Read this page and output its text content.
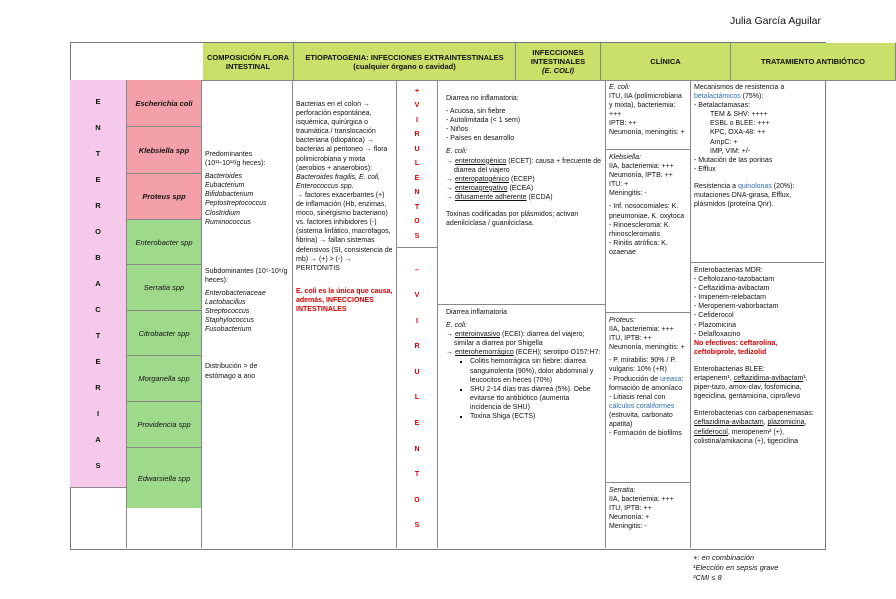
Julia García Aguilar
COMPOSICIÓN FLORA INTESTINAL
ETIOPATOGENIA: INFECCIONES EXTRAINTESTINALES
(cualquier órgano o cavidad)
INFECCIONES INTESTINALES
(E. COLI)
CLÍNICA	TRATAMIENTO ANTIBIÓTICO
E
N
T
E
R
O
B
A
C
T
E
R
I
A
S
Escherichia coli
Klebsiella spp
Proteus spp
Enterobacter spp
Serratia spp
Citrobacter spp
Morganella spp
Providencia spp
Edwarsiella spp
Predominantes (10¹¹-10¹²/g heces):
Bacteroides
Eubacterium
Bifidobacterium
Peptostreptococcus
Clostridium
Ruminococcus
Subdominantes (10⁵-10⁸/g heces):
Enterobacteriaceae
Lactobacillus
Streptococcus
Staphylococcus
Fusobacterium
Distribución > de estómago a ano
Bacterias en el colon → perforación espontánea, isquémica, quirúrgica o traumática / translocación bacteriana (idiopática) → bacterias al peritoneo → flora polimicrobiana y mixta (aerobios + anaerobios):
Bacteroides fragilis, E. coli, Enterococcus spp.
→ factores exacerbantes (+) de inflamación (Hb, enzimas, moco, sinergismo bacteriano) vs. factores inhibidores (-) (sistema linfático, macrófagos, fibrina) → fallan sistemas defensivos (SI, consistencia de mb) → (+) > (-) → PERITONITIS
E. coli es la única que causa, además, INFECCIONES INTESTINALES
+
V
I
R
U
L
E
N
T
O
S
–
V
I
R
U
L
E
N
T
O
S
Diarrea no inflamatoria:
- Acuosa, sin fiebre
- Autolimitada (< 1 sem)
- Niños
- Países en desarrollo
E. coli:
→ enterotoxigénico (ECET): causa + frecuente de diarrea del viajero
→ enteropatogénico (ECEP)
→ enteroagregativo (ECEA)
→ difusamente adherente (ECDA)
Toxinas codificadas por plásmidos; activan adenilciclasa / guanilciclasa.
Diarrea inflamatoria
E. coli:
→ enteroinvasivo (ECEI): diarrea del viajero; similar a diarrea por Shigella
→ enterohemorrágico (ECEH); serotipo O157:H7:
▪ Colitis hemorrágica sin fiebre: diarrea sanguinolenta (90%), dolor abdominal y leucocitos en heces (70%)
▪ SHU 2-14 días tras diarrea (5%). Debe evitarse tto antibiótico (aumenta incidencia de SHU)
▪ Toxina Shiga (ECTS)
E. coli:
ITU, IIA (polimicrobiana y mixta), bacteriemia: +++
IPTB: ++
Neumonía, meningitis: +
Klebsiella:
IIA, bacteriemia: +++
Neumonía, IPTB: ++
ITU: +
Meningitis: -
- Inf. nosocomiales: K. pneumoniae, K. oxytoca
- Rinoescleroma: K. rhinoscleromatis
- Rinitis atrófica: K. ozaenae
Proteus:
IIA, bacteriemia: +++
ITU, IPTB: ++
Neumonía, meningitis: +
- P. mirabilis: 90% / P. vulgaris: 10% (+R)
- Producción de ureasa: formación de amoníaco
- Litiasis renal con cálculos coraliformes (estruvita, carbonato apatita)
- Formación de biofilms
Serratia:
IIA, bacteriemia: +++
ITU, IPTB: ++
Neumonía: +
Meningitis: -
Mecanismos de resistencia a betalactámicos (75%):
- Betalactamasas:
TEM & SHV: ++++
ESBL o BLEE: +++
KPC, OXA-48: ++
AmpC: +
IMP, VIM: +/-
- Mutación de las porinas
- Efflux
Resistencia a quinolonas (20%): mutaciones DNA-girasa, Efflux, plásmidos (proteína Qnr).
Enterobacterias MDR:
- Ceftolozano-tazobactam
- Ceftazidima-avibactam
- Imipenem-relebactam
- Meropenem-vaborbactam
- Cefiderocol
- Plazomicina
- Delafloxacino
No efectivos: ceftarolina, ceftobiprole, tedizolid
Enterobacterias BLEE:
ertapenem¹, ceftazidima-avibactam¹, piper-tazo, amox-clav, fosfomicina, tigeciclina, gentamicina, cipro/levo
Enterobacterias con carbapenemasas: ceftazidima-avibactam, plazomicina, cefiderocol, meropenem² (+), colistina/amikacina (+), tigeciclina
+: en combinación
¹Elección en sepsis grave
²CMI ≤ 8
